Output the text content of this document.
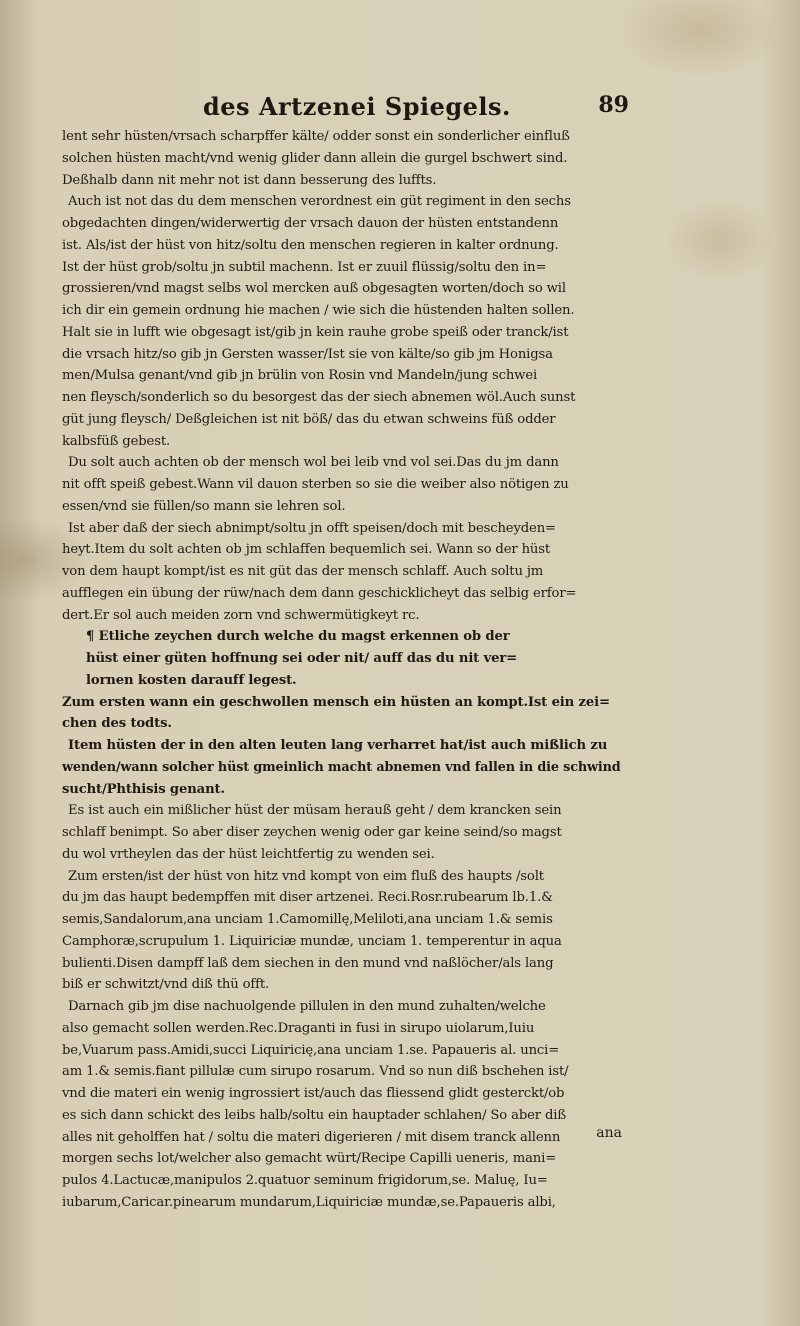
des Artzenei Spiegels.	89
lent sehr hüsten/vrsach scharpffer kälte/ odder sonst ein sonderlicher einfluß
solchen hüsten macht/vnd wenig glider dann allein die gurgel bschwert sind.
Deßhalb dann nit mehr not ist dann besserung des luffts.
Auch ist not das du dem menschen verordnest ein güt regiment in den sechs
obgedachten dingen/widerwertig der vrsach dauon der hüsten entstandenn
ist. Als/ist der hüst von hitz/soltu den menschen regieren in kalter ordnung.
Ist der hüst grob/soltu jn subtil machenn. Ist er zuuil flüssig/soltu den in=
grossieren/vnd magst selbs wol mercken auß obgesagten worten/doch so wil
ich dir ein gemein ordnung hie machen / wie sich die hüstenden halten sollen.
Halt sie in lufft wie obgesagt ist/gib jn kein rauhe grobe speiß oder tranck/ist
die vrsach hitz/so gib jn Gersten wasser/Ist sie von kälte/so gib jm Honigsa
men/Mulsa genant/vnd gib jn brülin von Rosin vnd Mandeln/jung schwei
nen fleysch/sonderlich so du besorgest das der siech abnemen wöl.Auch sunst
güt jung fleysch/ Deßgleichen ist nit böß/ das du etwan schweins füß odder
kalbsfüß gebest.
Du solt auch achten ob der mensch wol bei leib vnd vol sei.Das du jm dann
nit offt speiß gebest.Wann vil dauon sterben so sie die weiber also nötigen zu
essen/vnd sie füllen/so mann sie lehren sol.
Ist aber daß der siech abnimpt/soltu jn offt speisen/doch mit bescheyden=
heyt.Item du solt achten ob jm schlaffen bequemlich sei. Wann so der hüst
von dem haupt kompt/ist es nit güt das der mensch schlaff. Auch soltu jm
aufflegen ein übung der rüw/nach dem dann geschicklicheyt das selbig erfor=
dert.Er sol auch meiden zorn vnd schwermütigkeyt rc.
¶ Etliche zeychen durch welche du magst erkennen ob der
hüst einer güten hoffnung sei oder nit/ auff das du nit ver=
lornen kosten darauff legest.
Zum ersten wann ein geschwollen mensch ein hüsten an kompt.Ist ein zei=
chen des todts.
Item hüsten der in den alten leuten lang verharret hat/ist auch mißlich zu
wenden/wann solcher hüst gmeinlich macht abnemen vnd fallen in die schwind
sucht/Phthisis genant.
Es ist auch ein mißlicher hüst der müsam herauß geht / dem krancken sein
schlaff benimpt. So aber diser zeychen wenig oder gar keine seind/so magst
du wol vrtheylen das der hüst leichtfertig zu wenden sei.
Zum ersten/ist der hüst von hitz vnd kompt von eim fluß des haupts /solt
du jm das haupt bedempffen mit diser artzenei. Reci.Rosr.rubearum lb.1.&
semis,Sandalorum,ana unciam 1.Camomillę,Meliloti,ana unciam 1.& semis
Camphoræ,scrupulum 1. Liquiriciæ mundæ, unciam 1. temperentur in aqua
bulienti.Disen dampff laß dem siechen in den mund vnd naßlöcher/als lang
biß er schwitzt/vnd diß thü offt.
Darnach gib jm dise nachuolgende pillulen in den mund zuhalten/welche
also gemacht sollen werden.Rec.Draganti in fusi in sirupo uiolarum,Iuiu
be,Vuarum pass.Amidi,succi Liquiricię,ana unciam 1.se. Papaueris al. unci=
am 1.& semis.fiant pillulæ cum sirupo rosarum. Vnd so nun diß bschehen ist/
vnd die materi ein wenig ingrossiert ist/auch das fliessend glidt gesterckt/ob
es sich dann schickt des leibs halb/soltu ein hauptader schlahen/ So aber diß
alles nit geholffen hat / soltu die materi digerieren / mit disem tranck allenn
morgen sechs lot/welcher also gemacht würt/Recipe Capilli ueneris, mani=
pulos 4.Lactucæ,manipulos 2.quatuor seminum frigidorum,se. Maluę, Iu=
iubarum,Caricar.pinearum mundarum,Liquiriciæ mundæ,se.Papaueris albi,
ana
